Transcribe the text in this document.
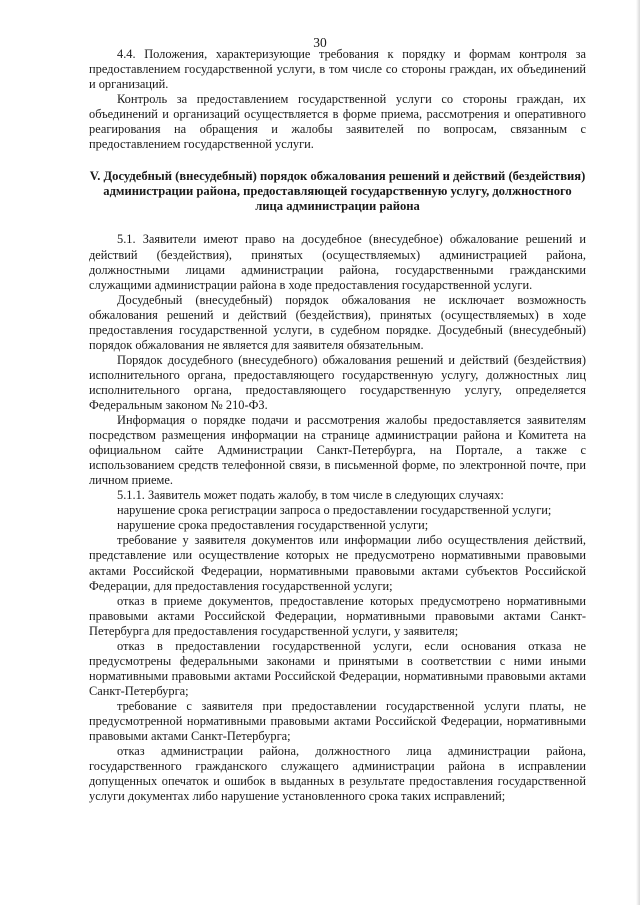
30

4.4. Положения, характеризующие требования к порядку и формам контроля за предоставлением государственной услуги, в том числе со стороны граждан, их объединений и организаций.

Контроль за предоставлением государственной услуги со стороны граждан, их объединений и организаций осуществляется в форме приема, рассмотрения и оперативного реагирования на обращения и жалобы заявителей по вопросам, связанным с предоставлением государственной услуги.

V. Досудебный (внесудебный) порядок обжалования решений и действий (бездействия) администрации района, предоставляющей государственную услугу, должностного лица администрации района

5.1. Заявители имеют право на досудебное (внесудебное) обжалование решений и действий (бездействия), принятых (осуществляемых) администрацией района, должностными лицами администрации района, государственными гражданскими служащими администрации района в ходе предоставления государственной услуги.

Досудебный (внесудебный) порядок обжалования не исключает возможность обжалования решений и действий (бездействия), принятых (осуществляемых) в ходе предоставления государственной услуги, в судебном порядке. Досудебный (внесудебный) порядок обжалования не является для заявителя обязательным.

Порядок досудебного (внесудебного) обжалования решений и действий (бездействия) исполнительного органа, предоставляющего государственную услугу, должностных лиц исполнительного органа, предоставляющего государственную услугу, определяется Федеральным законом № 210-ФЗ.

Информация о порядке подачи и рассмотрения жалобы предоставляется заявителям посредством размещения информации на странице администрации района и Комитета на официальном сайте Администрации Санкт-Петербурга, на Портале, а также с использованием средств телефонной связи, в письменной форме, по электронной почте, при личном приеме.

5.1.1. Заявитель может подать жалобу, в том числе в следующих случаях:

нарушение срока регистрации запроса о предоставлении государственной услуги;
нарушение срока предоставления государственной услуги;
требование у заявителя документов или информации либо осуществления действий, представление или осуществление которых не предусмотрено нормативными правовыми актами Российской Федерации, нормативными правовыми актами субъектов Российской Федерации, для предоставления государственной услуги;
отказ в приеме документов, предоставление которых предусмотрено нормативными правовыми актами Российской Федерации, нормативными правовыми актами Санкт-Петербурга для предоставления государственной услуги, у заявителя;
отказ в предоставлении государственной услуги, если основания отказа не предусмотрены федеральными законами и принятыми в соответствии с ними иными нормативными правовыми актами Российской Федерации, нормативными правовыми актами Санкт-Петербурга;
требование с заявителя при предоставлении государственной услуги платы, не предусмотренной нормативными правовыми актами Российской Федерации, нормативными правовыми актами Санкт-Петербурга;
отказ администрации района, должностного лица администрации района, государственного гражданского служащего администрации района в исправлении допущенных опечаток и ошибок в выданных в результате предоставления государственной услуги документах либо нарушение установленного срока таких исправлений;
